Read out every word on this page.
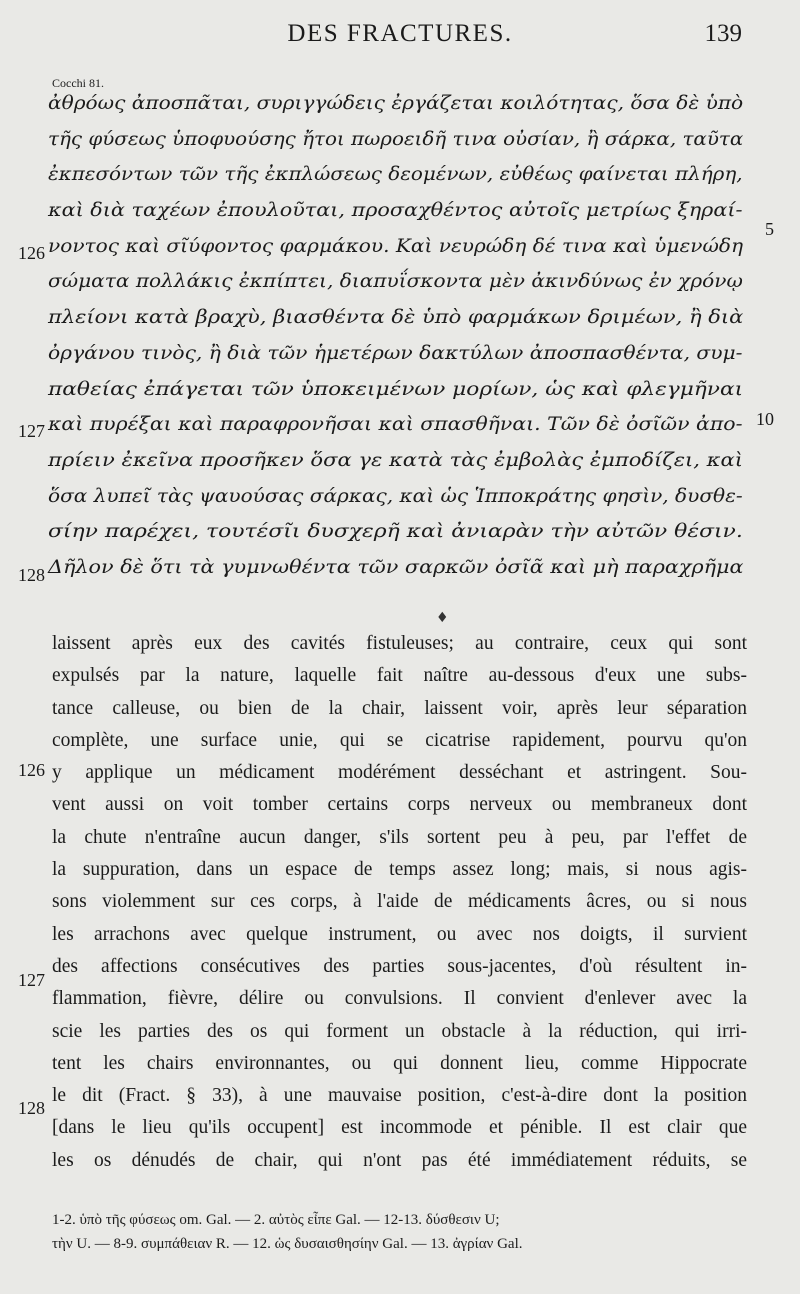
DES FRACTURES.	139
Cocchi 81.
ἀθρόως ἀποσπᾶται, συριγγώδεις ἐργάζεται κοιλότητας, ὅσα δὲ ὑπὸ
τῆς φύσεως ὑποφυούσης ἤτοι πωροειδῆ τινα οὐσίαν, ἢ σάρκα, ταῦτα
ἐκπεσόντων τῶν τῆς ἐκπλώσεως δεομένων, εὐθέως φαίνεται πλήρη,
καὶ διὰ ταχέων ἐπουλοῦται, προσαχθέντος αὐτοῖς μετρίως ξηραί-
νοντος καὶ σῖύφοντος φαρμάκου. Καὶ νευρώδη δέ τινα καὶ ὑμενώδη
σώματα πολλάκις ἐκπίπτει, διαπυΐσκοντα μὲν ἀκινδύνως ἐν χρόνῳ
πλείονι κατὰ βραχὺ, βιασθέντα δὲ ὑπὸ φαρμάκων δριμέων, ἢ διὰ
ὀργάνου τινὸς, ἢ διὰ τῶν ἡμετέρων δακτύλων ἀποσπασθέντα, συμ-
παθείας ἐπάγεται τῶν ὑποκειμένων μορίων, ὡς καὶ φλεγμῆναι
καὶ πυρέξαι καὶ παραφρονῆσαι καὶ σπασθῆναι. Τῶν δὲ ὀσῖῶν ἀπο-
πρίειν ἐκεῖνα προσῆκεν ὅσα γε κατὰ τὰς ἐμβολὰς ἐμποδίζει, καὶ
ὅσα λυπεῖ τὰς ψαυούσας σάρκας, καὶ ὡς Ἱπποκράτης φησὶν, δυσθε-
σίην παρέχει, τουτέσῖι δυσχερῆ καὶ ἀνιαρὰν τὴν αὐτῶν θέσιν.
Δῆλον δὲ ὅτι τὰ γυμνωθέντα τῶν σαρκῶν ὀσῖᾶ καὶ μὴ παραχρῆμα
126
127
128
5
10
♦
laissent après eux des cavités fistuleuses; au contraire, ceux qui sont
expulsés par la nature, laquelle fait naître au-dessous d'eux une subs-
tance calleuse, ou bien de la chair, laissent voir, après leur séparation
complète, une surface unie, qui se cicatrise rapidement, pourvu qu'on
y applique un médicament modérément desséchant et astringent. Sou-
vent aussi on voit tomber certains corps nerveux ou membraneux dont
la chute n'entraîne aucun danger, s'ils sortent peu à peu, par l'effet de
la suppuration, dans un espace de temps assez long; mais, si nous agis-
sons violemment sur ces corps, à l'aide de médicaments âcres, ou si nous
les arrachons avec quelque instrument, ou avec nos doigts, il survient
des affections consécutives des parties sous-jacentes, d'où résultent in-
flammation, fièvre, délire ou convulsions. Il convient d'enlever avec la
scie les parties des os qui forment un obstacle à la réduction, qui irri-
tent les chairs environnantes, ou qui donnent lieu, comme Hippocrate
le dit (Fract. § 33), à une mauvaise position, c'est-à-dire dont la position
[dans le lieu qu'ils occupent] est incommode et pénible. Il est clair que
les os dénudés de chair, qui n'ont pas été immédiatement réduits, se
126
127
128
1-2. ὑπὸ τῆς φύσεως om. Gal. — 2. αὐτὸς εἶπε Gal. — 12-13. δύσθεσιν U;
τὴν U. — 8-9. συμπάθειαν R. — 12. ὡς δυσαισθησίην Gal. — 13. ἀγρίαν Gal.
